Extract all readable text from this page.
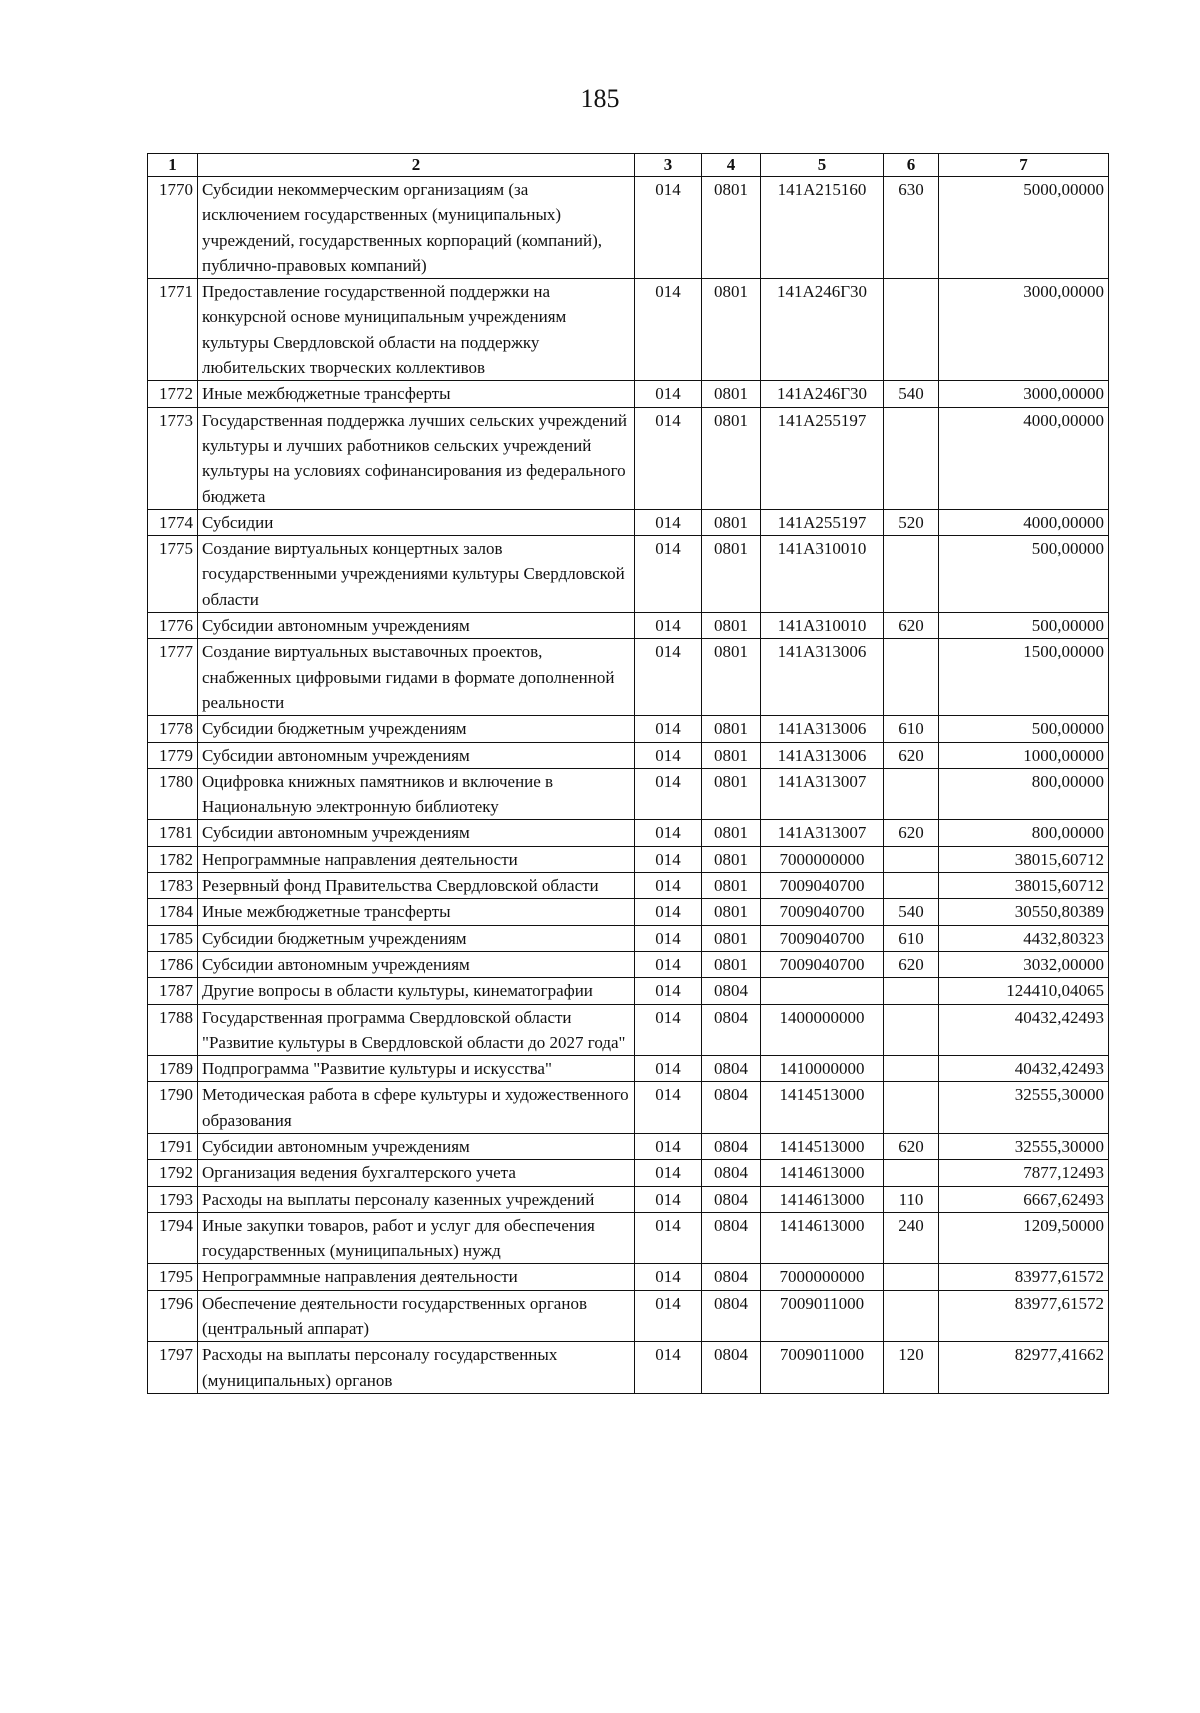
185
1	2	3	4	5	6	7
1770	Субсидии некоммерческим организациям (за исключением государственных (муниципальных) учреждений, государственных корпораций (компаний), публично-правовых компаний)	014	0801	141А215160	630	5000,00000
1771	Предоставление государственной поддержки на конкурсной основе муниципальным учреждениям культуры Свердловской области на поддержку любительских творческих коллективов	014	0801	141А246Г30		3000,00000
1772	Иные межбюджетные трансферты	014	0801	141А246Г30	540	3000,00000
1773	Государственная поддержка лучших сельских учреждений культуры и лучших работников сельских учреждений культуры на условиях софинансирования из федерального бюджета	014	0801	141А255197		4000,00000
1774	Субсидии	014	0801	141А255197	520	4000,00000
1775	Создание виртуальных концертных залов государственными учреждениями культуры Свердловской области	014	0801	141А310010		500,00000
1776	Субсидии автономным учреждениям	014	0801	141А310010	620	500,00000
1777	Создание виртуальных выставочных проектов, снабженных цифровыми гидами в формате дополненной реальности	014	0801	141А313006		1500,00000
1778	Субсидии бюджетным учреждениям	014	0801	141А313006	610	500,00000
1779	Субсидии автономным учреждениям	014	0801	141А313006	620	1000,00000
1780	Оцифровка книжных памятников и включение в Национальную электронную библиотеку	014	0801	141А313007		800,00000
1781	Субсидии автономным учреждениям	014	0801	141А313007	620	800,00000
1782	Непрограммные направления деятельности	014	0801	7000000000		38015,60712
1783	Резервный фонд Правительства Свердловской области	014	0801	7009040700		38015,60712
1784	Иные межбюджетные трансферты	014	0801	7009040700	540	30550,80389
1785	Субсидии бюджетным учреждениям	014	0801	7009040700	610	4432,80323
1786	Субсидии автономным учреждениям	014	0801	7009040700	620	3032,00000
1787	Другие вопросы в области культуры, кинематографии	014	0804			124410,04065
1788	Государственная программа Свердловской области "Развитие культуры в Свердловской области до 2027 года"	014	0804	1400000000		40432,42493
1789	Подпрограмма "Развитие культуры и искусства"	014	0804	1410000000		40432,42493
1790	Методическая работа в сфере культуры и художественного образования	014	0804	1414513000		32555,30000
1791	Субсидии автономным учреждениям	014	0804	1414513000	620	32555,30000
1792	Организация ведения бухгалтерского учета	014	0804	1414613000		7877,12493
1793	Расходы на выплаты персоналу казенных учреждений	014	0804	1414613000	110	6667,62493
1794	Иные закупки товаров, работ и услуг для обеспечения государственных (муниципальных) нужд	014	0804	1414613000	240	1209,50000
1795	Непрограммные направления деятельности	014	0804	7000000000		83977,61572
1796	Обеспечение деятельности государственных органов (центральный аппарат)	014	0804	7009011000		83977,61572
1797	Расходы на выплаты персоналу государственных (муниципальных) органов	014	0804	7009011000	120	82977,41662
